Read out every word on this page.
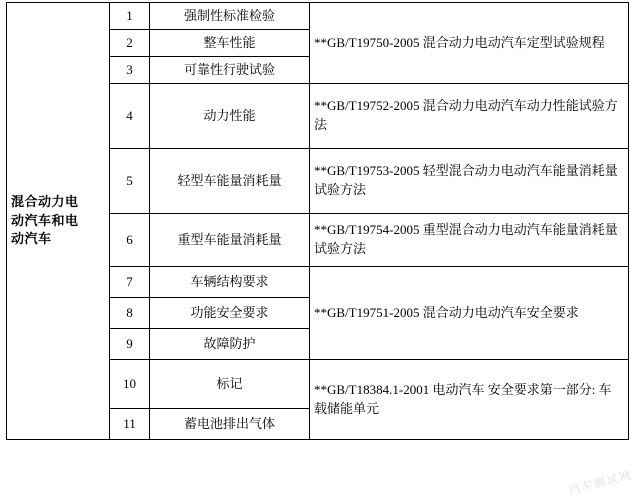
混合动力电
动汽车和电
动汽车	1	强制性标准检验	**GB/T19750-2005 混合动力电动汽车定型试验规程
	2	整车性能	
	3	可靠性行驶试验	
	4	动力性能	**GB/T19752-2005 混合动力电动汽车动力性能试验方法
	5	轻型车能量消耗量	**GB/T19753-2005 轻型混合动力电动汽车能量消耗量试验方法
	6	重型车能量消耗量	**GB/T19754-2005 重型混合动力电动汽车能量消耗量试验方法
	7	车辆结构要求	**GB/T19751-2005 混合动力电动汽车安全要求
	8	功能安全要求	
	9	故障防护	
	10	标记	**GB/T18384.1-2001 电动汽车 安全要求第一部分: 车载储能单元
	11	蓄电池排出气体	
汽车测试网
